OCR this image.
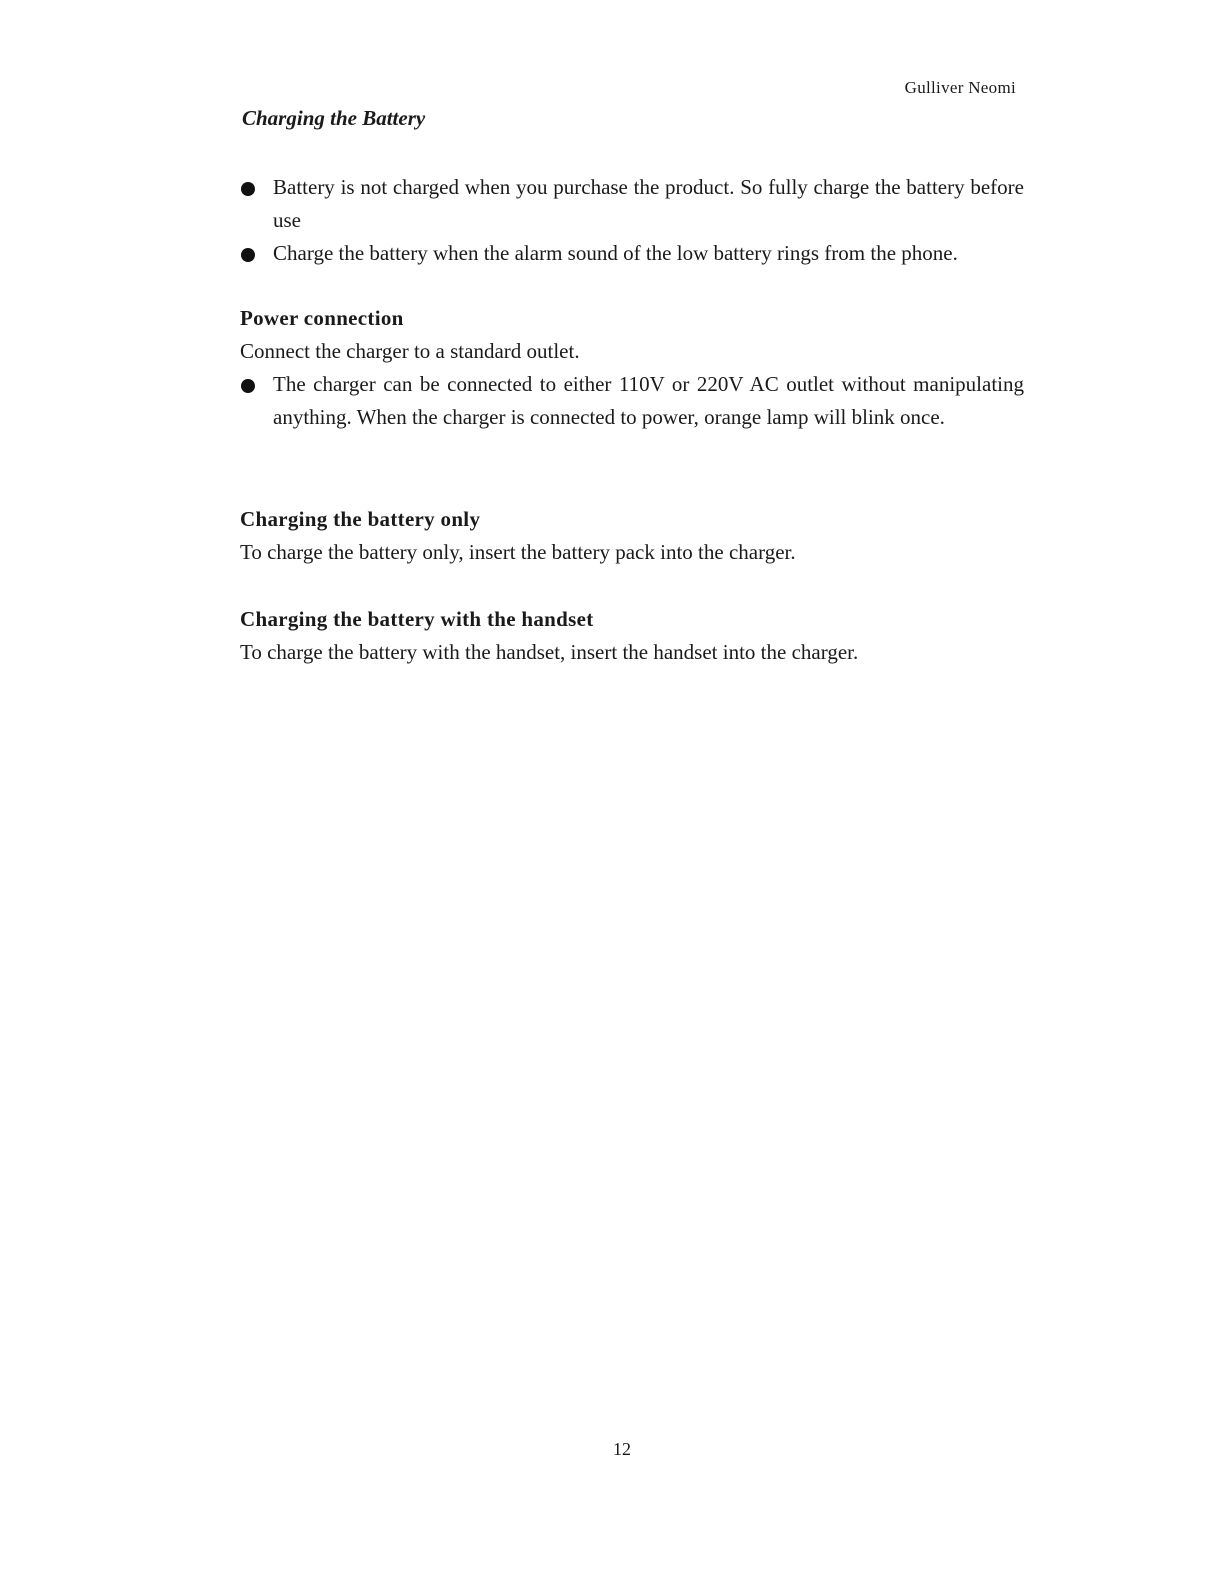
Gulliver Neomi
Charging the Battery
Battery is not charged when you purchase the product. So fully charge the battery before use
Charge the battery when the alarm sound of the low battery rings from the phone.
Power connection
Connect the charger to a standard outlet.
The charger can be connected to either 110V or 220V AC outlet without manipulating anything. When the charger is connected to power, orange lamp will blink once.
Charging the battery only
To charge the battery only, insert the battery pack into the charger.
Charging the battery with the handset
To charge the battery with the handset, insert the handset into the charger.
12
